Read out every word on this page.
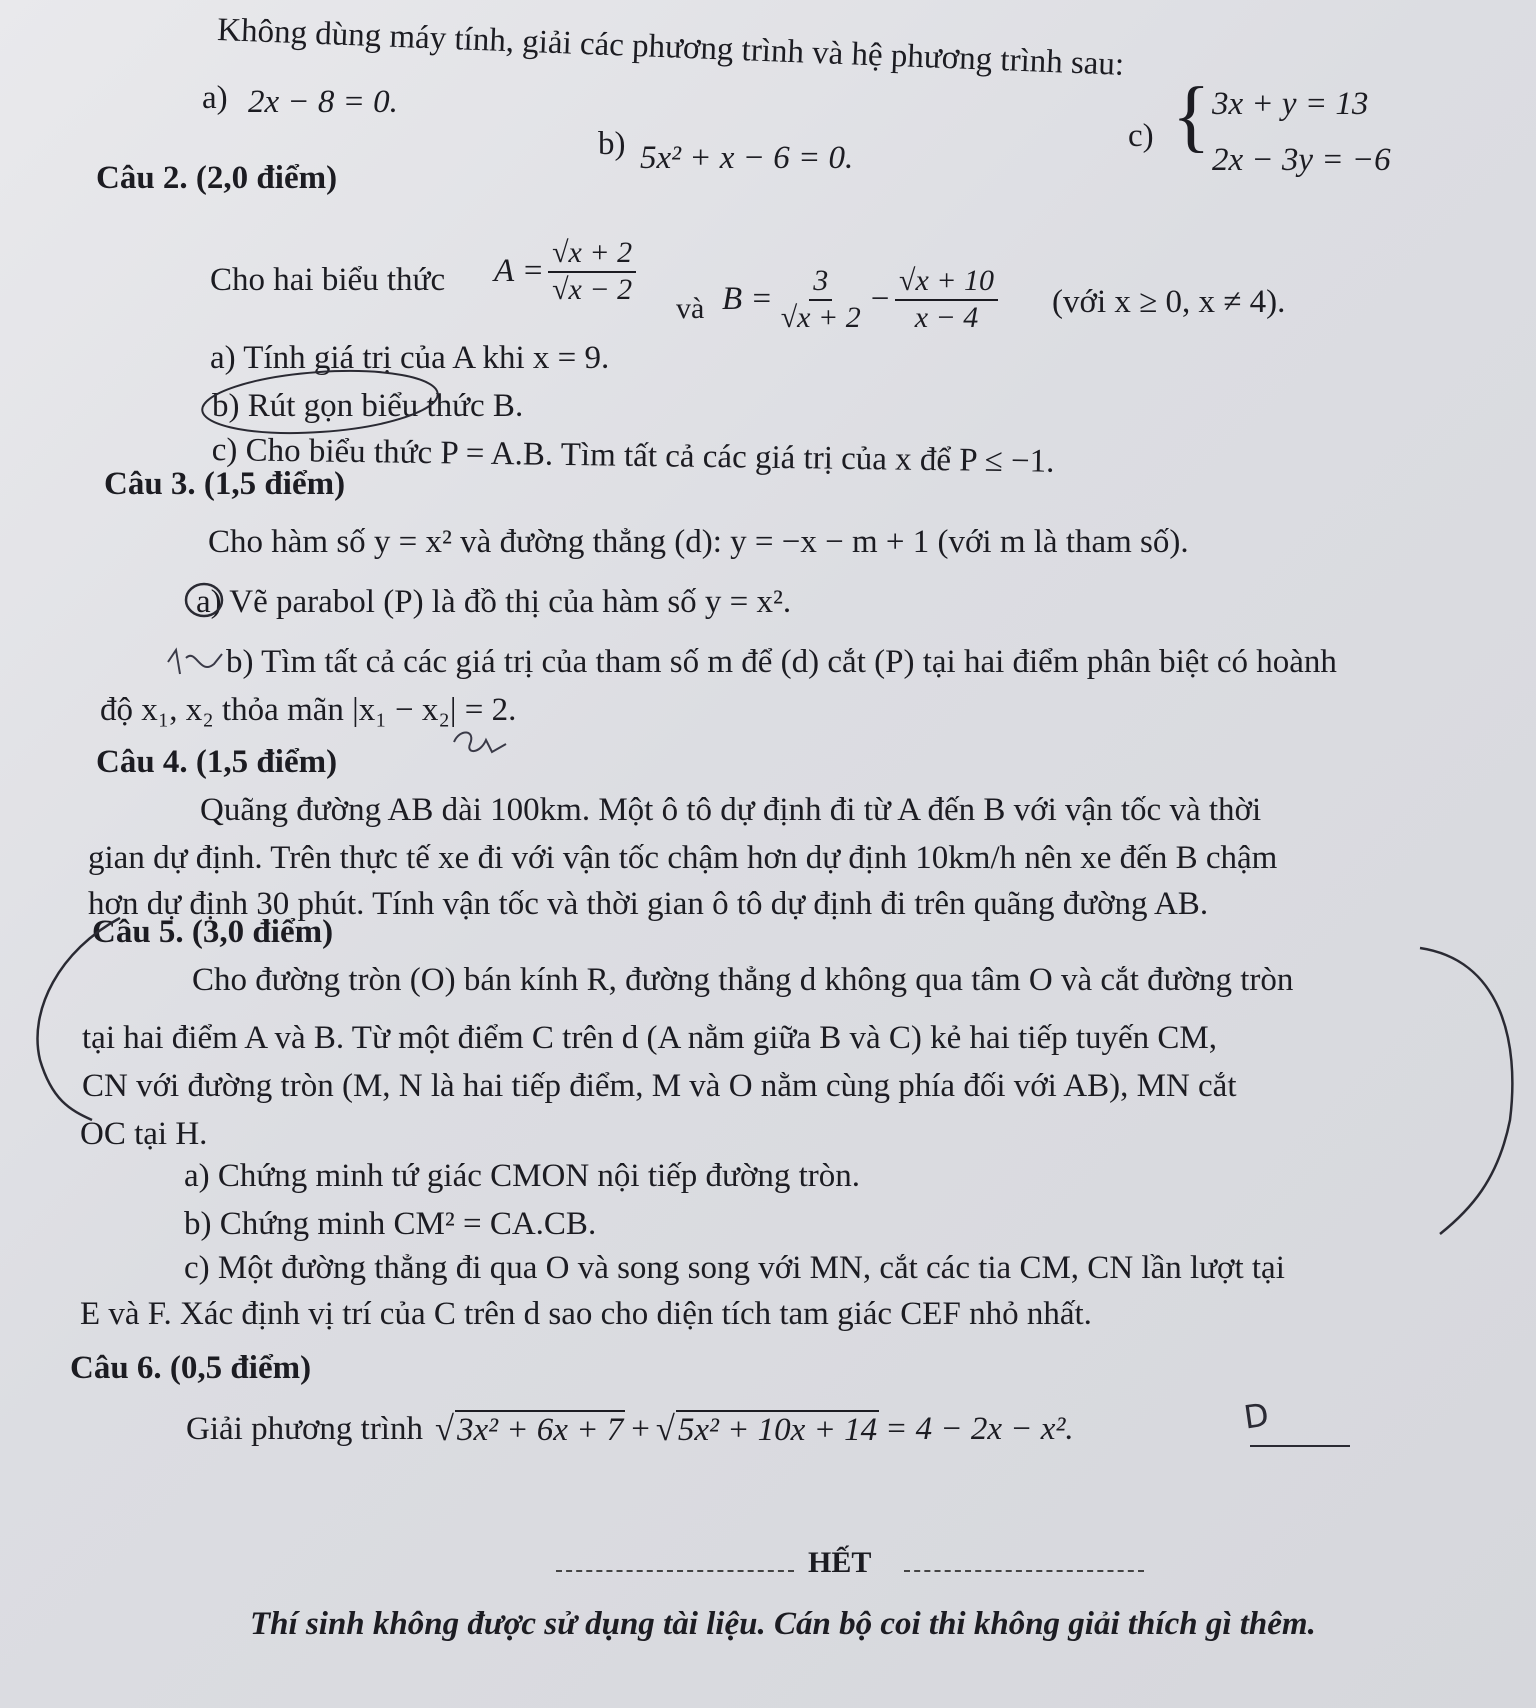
Không dùng máy tính, giải các phương trình và hệ phương trình sau:
a) 2x − 8 = 0.
b) 5x² + x − 6 = 0.
c) { 3x + y = 13
2x − 3y = −6
Câu 2. (2,0 điểm)
Cho hai biểu thức $A = \frac{√x + 2}{√x - 2}$
và $B = \frac{3}{√x + 2} - \frac{√x + 10}{x - 4}$ (với x ≥ 0, x ≠ 4).
a) Tính giá trị của A khi x = 9.
b) Rút gọn biểu thức B.
c) Cho biểu thức P = A.B. Tìm tất cả các giá trị của x để P ≤ −1.
Câu 3. (1,5 điểm)
Cho hàm số y = x² và đường thẳng (d): y = −x − m + 1 (với m là tham số).
a) Vẽ parabol (P) là đồ thị của hàm số y = x².
b) Tìm tất cả các giá trị của tham số m để (d) cắt (P) tại hai điểm phân biệt có hoành
độ x₁, x₂ thỏa mãn |x₁ − x₂| = 2.
Câu 4. (1,5 điểm)
Quãng đường AB dài 100km. Một ô tô dự định đi từ A đến B với vận tốc và thời
gian dự định. Trên thực tế xe đi với vận tốc chậm hơn dự định 10km/h nên xe đến B chậm
hơn dự định 30 phút. Tính vận tốc và thời gian ô tô dự định đi trên quãng đường AB.
Câu 5. (3,0 điểm)
Cho đường tròn (O) bán kính R, đường thẳng d không qua tâm O và cắt đường tròn
tại hai điểm A và B. Từ một điểm C trên d (A nằm giữa B và C) kẻ hai tiếp tuyến CM,
CN với đường tròn (M, N là hai tiếp điểm, M và O nằm cùng phía đối với AB), MN cắt
OC tại H.
a) Chứng minh tứ giác CMON nội tiếp đường tròn.
b) Chứng minh CM² = CA.CB.
c) Một đường thẳng đi qua O và song song với MN, cắt các tia CM, CN lần lượt tại
E và F. Xác định vị trí của C trên d sao cho diện tích tam giác CEF nhỏ nhất.
Câu 6. (0,5 điểm)
Giải phương trình √3x² + 6x + 7 + √5x² + 10x + 14 = 4 − 2x − x².	D
HẾT
Thí sinh không được sử dụng tài liệu. Cán bộ coi thi không giải thích gì thêm.
